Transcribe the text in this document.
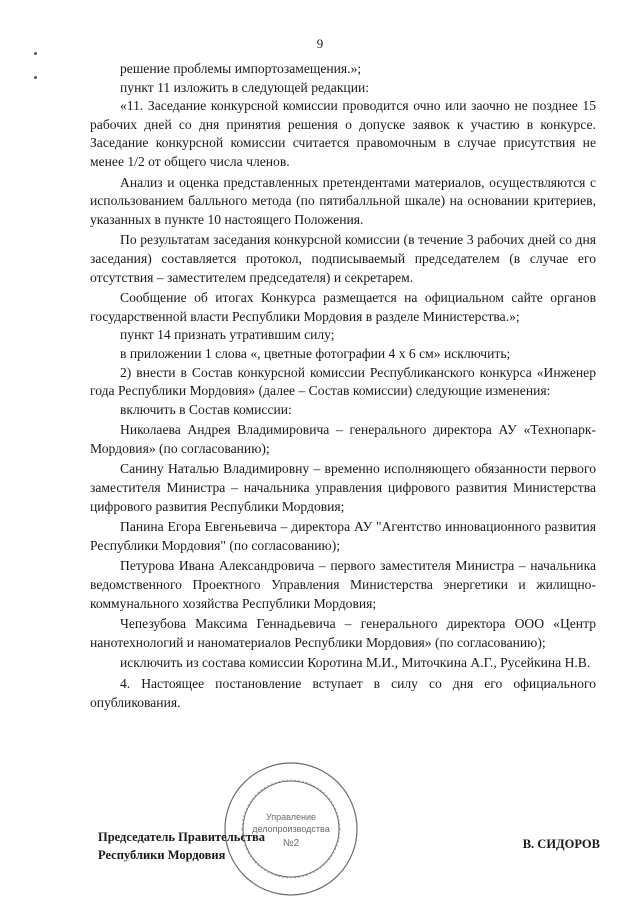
9

решение проблемы импортозамещения.»;

пункт 11 изложить в следующей редакции:

«11. Заседание конкурсной комиссии проводится очно или заочно не позднее 15 рабочих дней со дня принятия решения о допуске заявок к участию в конкурсе. Заседание конкурсной комиссии считается правомочным в случае присутствия не менее 1/2 от общего числа членов.

Анализ и оценка представленных претендентами материалов, осуществляются с использованием балльного метода (по пятибалльной шкале) на основании критериев, указанных в пункте 10 настоящего Положения.

По результатам заседания конкурсной комиссии (в течение 3 рабочих дней со дня заседания) составляется протокол, подписываемый председателем (в случае его отсутствия – заместителем председателя) и секретарем.

Сообщение об итогах Конкурса размещается на официальном сайте органов государственной власти Республики Мордовия в разделе Министерства.»;

пункт 14 признать утратившим силу;

в приложении 1 слова «, цветные фотографии 4 х 6 см» исключить;

2) внести в Состав конкурсной комиссии Республиканского конкурса «Инженер года Республики Мордовия» (далее – Состав комиссии) следующие изменения:

включить в Состав комиссии:

Николаева Андрея Владимировича – генерального директора АУ «Технопарк-Мордовия» (по согласованию);

Санину Наталью Владимировну – временно исполняющего обязанности первого заместителя Министра – начальника управления цифрового развития Министерства цифрового развития Республики Мордовия;

Панина Егора Евгеньевича – директора АУ "Агентство инновационного развития Республики Мордовия" (по согласованию);

Петурова Ивана Александровича – первого заместителя Министра – начальника ведомственного Проектного Управления Министерства энергетики и жилищно-коммунального хозяйства Республики Мордовия;

Чепезубова Максима Геннадьевича – генерального директора ООО «Центр нанотехнологий и наноматериалов Республики Мордовия» (по согласованию);

исключить из состава комиссии Коротина М.И., Миточкина А.Г., Русейкина Н.В.

4. Настоящее постановление вступает в силу со дня его официального опубликования.

Управление
делопроизводства
№2
Председатель Правительства
Республики Мордовия
В. СИДОРОВ
